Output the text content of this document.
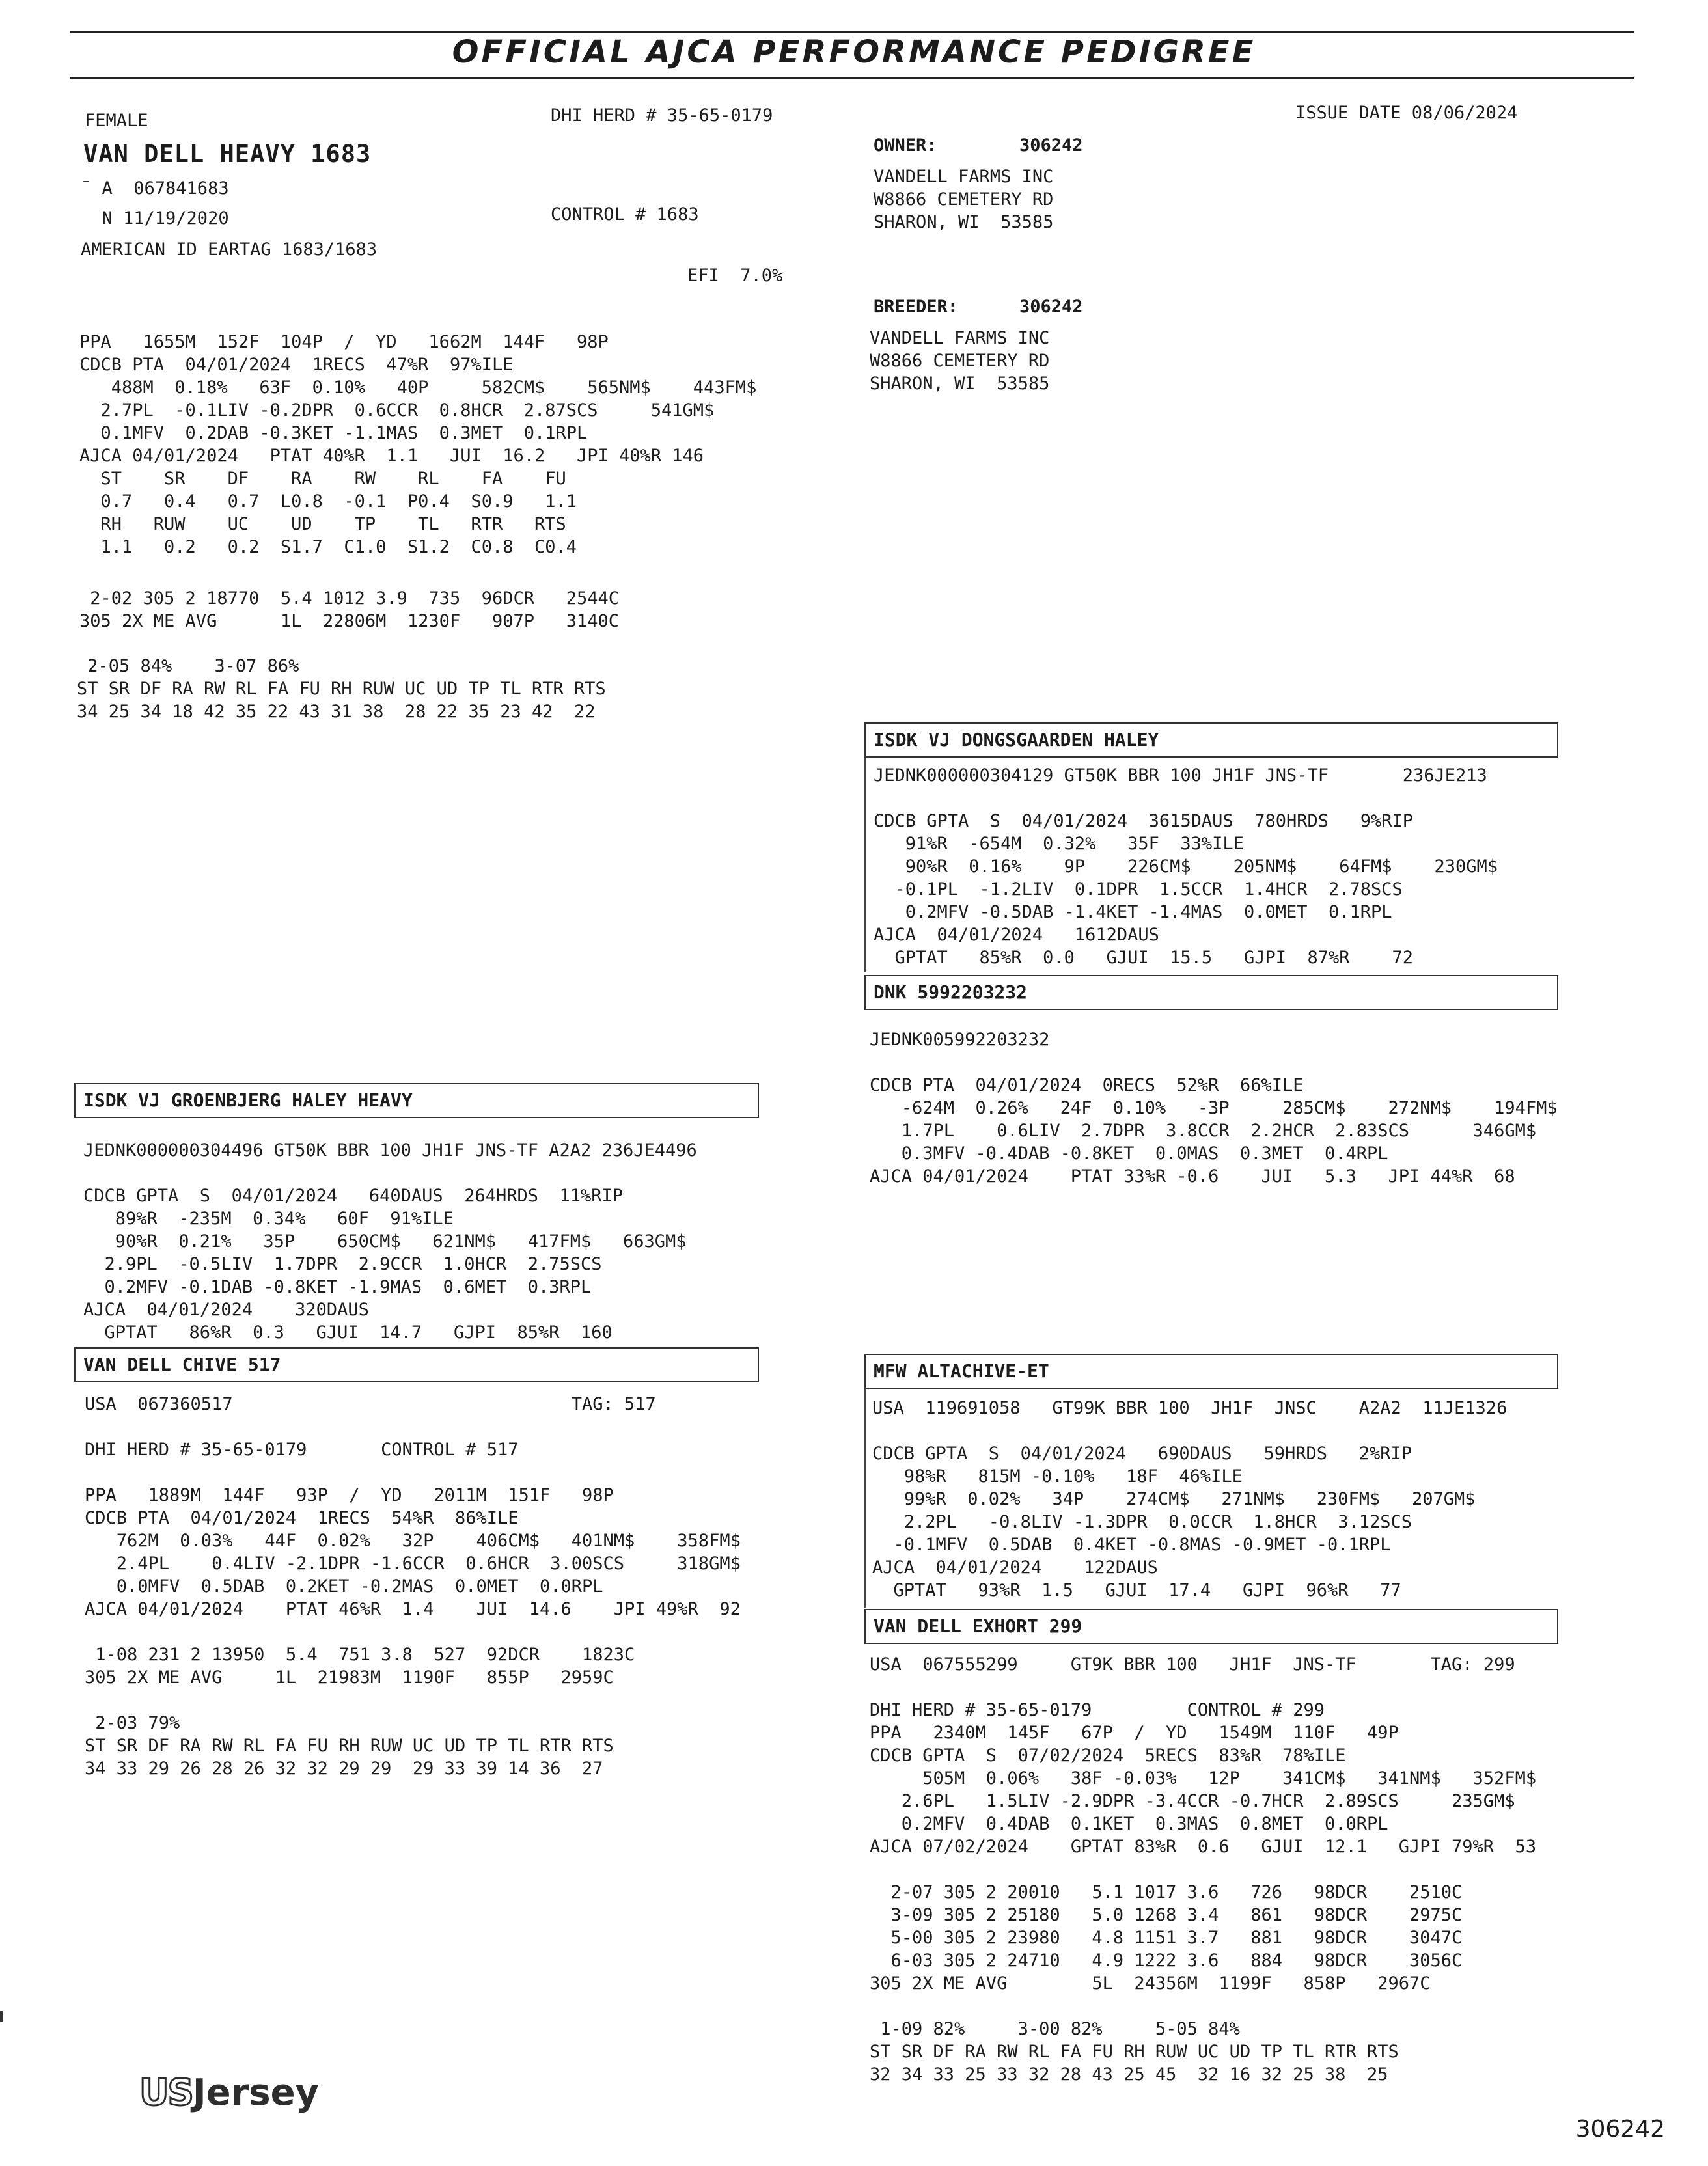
OFFICIAL AJCA PERFORMANCE PEDIGREE
FEMALE	DHI HERD # 35-65-0179	ISSUE DATE 08/06/2024
VAN DELL HEAVY 1683
̄  A  067841683
N 11/19/2020	CONTROL # 1683
AMERICAN ID EARTAG 1683/1683
EFI  7.0%
OWNER:	306242
VANDELL FARMS INC
W8866 CEMETERY RD
SHARON, WI  53585
BREEDER:	306242
VANDELL FARMS INC
W8866 CEMETERY RD
SHARON, WI  53585
PPA   1655M  152F  104P  /  YD   1662M  144F   98P
CDCB PTA  04/01/2024  1RECS  47%R  97%ILE
488M  0.18%   63F  0.10%   40P     582CM$    565NM$    443FM$
2.7PL  -0.1LIV -0.2DPR  0.6CCR  0.8HCR  2.87SCS     541GM$
0.1MFV  0.2DAB -0.3KET -1.1MAS  0.3MET  0.1RPL
AJCA 04/01/2024   PTAT 40%R  1.1   JUI  16.2   JPI 40%R 146
ST    SR    DF    RA    RW    RL    FA    FU
0.7   0.4   0.7  L0.8  -0.1  P0.4  S0.9   1.1
RH   RUW    UC    UD    TP    TL   RTR   RTS
1.1   0.2   0.2  S1.7  C1.0  S1.2  C0.8  C0.4
2-02 305 2 18770  5.4 1012 3.9  735  96DCR   2544C
305 2X ME AVG      1L  22806M  1230F   907P   3140C
2-05 84%    3-07 86%
ST SR DF RA RW RL FA FU RH RUW UC UD TP TL RTR RTS
34 25 34 18 42 35 22 43 31 38  28 22 35 23 42  22
ISDK VJ DONGSGAARDEN HALEY
JEDNK000000304129 GT50K BBR 100 JH1F JNS-TF       236JE213

CDCB GPTA  S  04/01/2024  3615DAUS  780HRDS   9%RIP
91%R  -654M  0.32%   35F  33%ILE
90%R  0.16%    9P    226CM$    205NM$    64FM$    230GM$
-0.1PL  -1.2LIV  0.1DPR  1.5CCR  1.4HCR  2.78SCS
0.2MFV -0.5DAB -1.4KET -1.4MAS  0.0MET  0.1RPL
AJCA  04/01/2024   1612DAUS
GPTAT   85%R  0.0   GJUI  15.5   GJPI  87%R    72
DNK 5992203232
JEDNK005992203232

CDCB PTA  04/01/2024  0RECS  52%R  66%ILE
-624M  0.26%   24F  0.10%   -3P     285CM$    272NM$    194FM$
1.7PL    0.6LIV  2.7DPR  3.8CCR  2.2HCR  2.83SCS      346GM$
0.3MFV -0.4DAB -0.8KET  0.0MAS  0.3MET  0.4RPL
AJCA 04/01/2024    PTAT 33%R -0.6    JUI   5.3   JPI 44%R  68
ISDK VJ GROENBJERG HALEY HEAVY
JEDNK000000304496 GT50K BBR 100 JH1F JNS-TF A2A2 236JE4496

CDCB GPTA  S  04/01/2024   640DAUS  264HRDS  11%RIP
89%R  -235M  0.34%   60F  91%ILE
90%R  0.21%   35P    650CM$   621NM$   417FM$   663GM$
2.9PL  -0.5LIV  1.7DPR  2.9CCR  1.0HCR  2.75SCS
0.2MFV -0.1DAB -0.8KET -1.9MAS  0.6MET  0.3RPL
AJCA  04/01/2024    320DAUS
GPTAT   86%R  0.3   GJUI  14.7   GJPI  85%R  160
VAN DELL CHIVE 517
USA  067360517                                TAG: 517

DHI HERD # 35-65-0179       CONTROL # 517

PPA   1889M  144F   93P  /  YD   2011M  151F   98P
CDCB PTA  04/01/2024  1RECS  54%R  86%ILE
762M  0.03%   44F  0.02%   32P    406CM$   401NM$    358FM$
2.4PL    0.4LIV -2.1DPR -1.6CCR  0.6HCR  3.00SCS     318GM$
0.0MFV  0.5DAB  0.2KET -0.2MAS  0.0MET  0.0RPL
AJCA 04/01/2024    PTAT 46%R  1.4    JUI  14.6    JPI 49%R  92

1-08 231 2 13950  5.4  751 3.8  527  92DCR    1823C
305 2X ME AVG     1L  21983M  1190F   855P   2959C

2-03 79%
ST SR DF RA RW RL FA FU RH RUW UC UD TP TL RTR RTS
34 33 29 26 28 26 32 32 29 29  29 33 39 14 36  27
MFW ALTACHIVE-ET
USA  119691058   GT99K BBR 100  JH1F  JNSC    A2A2  11JE1326

CDCB GPTA  S  04/01/2024   690DAUS   59HRDS   2%RIP
98%R   815M -0.10%   18F  46%ILE
99%R  0.02%   34P    274CM$   271NM$   230FM$   207GM$
2.2PL   -0.8LIV -1.3DPR  0.0CCR  1.8HCR  3.12SCS
-0.1MFV  0.5DAB  0.4KET -0.8MAS -0.9MET -0.1RPL
AJCA  04/01/2024    122DAUS
GPTAT   93%R  1.5   GJUI  17.4   GJPI  96%R   77
VAN DELL EXHORT 299
USA  067555299     GT9K BBR 100   JH1F  JNS-TF       TAG: 299

DHI HERD # 35-65-0179         CONTROL # 299
PPA   2340M  145F   67P  /  YD   1549M  110F   49P
CDCB GPTA  S  07/02/2024  5RECS  83%R  78%ILE
505M  0.06%   38F -0.03%   12P    341CM$   341NM$   352FM$
2.6PL   1.5LIV -2.9DPR -3.4CCR -0.7HCR  2.89SCS     235GM$
0.2MFV  0.4DAB  0.1KET  0.3MAS  0.8MET  0.0RPL
AJCA 07/02/2024    GPTAT 83%R  0.6   GJUI  12.1   GJPI 79%R  53

2-07 305 2 20010   5.1 1017 3.6   726   98DCR    2510C
3-09 305 2 25180   5.0 1268 3.4   861   98DCR    2975C
5-00 305 2 23980   4.8 1151 3.7   881   98DCR    3047C
6-03 305 2 24710   4.9 1222 3.6   884   98DCR    3056C
305 2X ME AVG        5L  24356M  1199F   858P   2967C

1-09 82%     3-00 82%     5-05 84%
ST SR DF RA RW RL FA FU RH RUW UC UD TP TL RTR RTS
32 34 33 25 33 32 28 43 25 45  32 16 32 25 38  25
USJersey
306242
